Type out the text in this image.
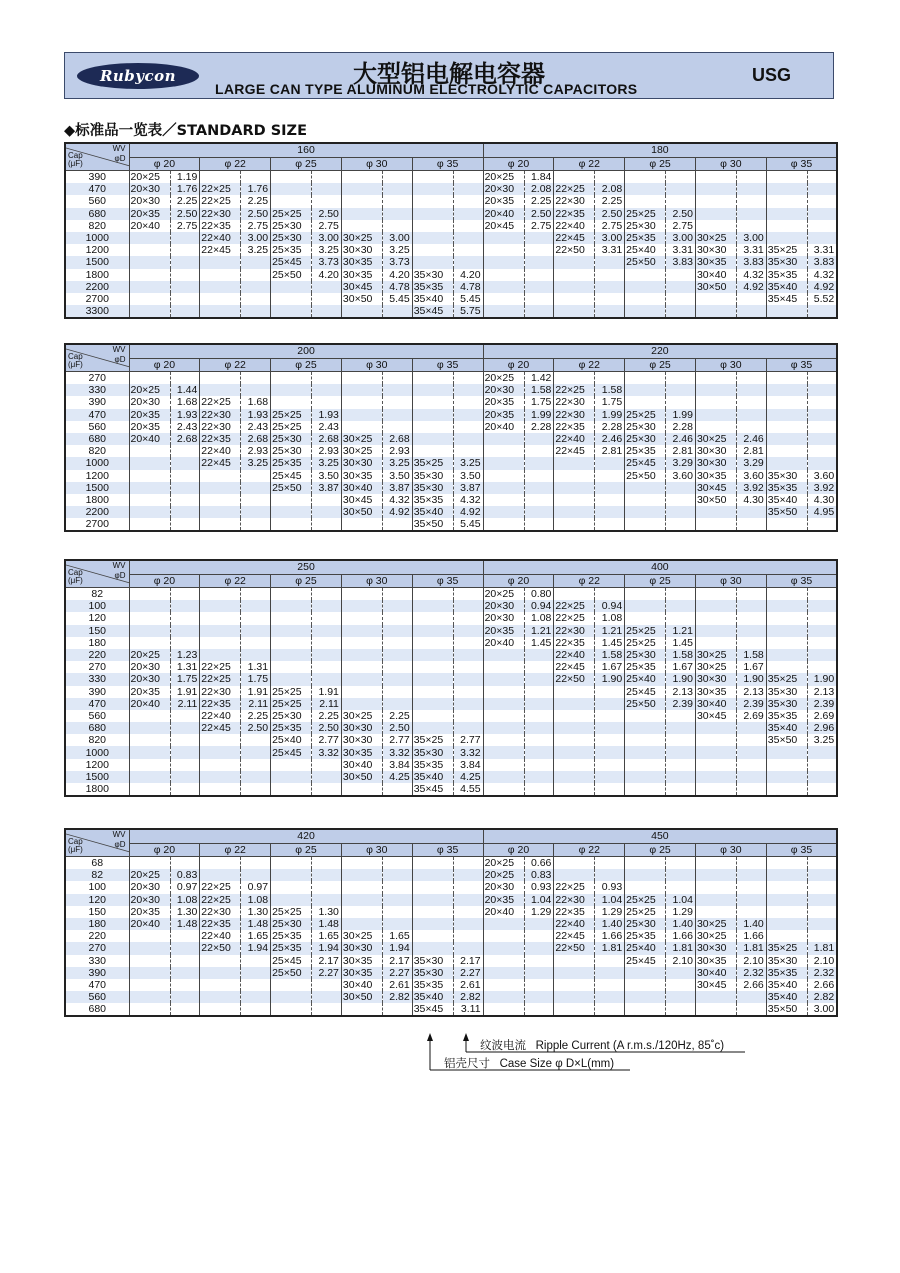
Rubycon	大型铝电解电容器
LARGE CAN TYPE ALUMINUM ELECTROLYTIC CAPACITORS
USG
◆标准品一览表／STANDARD SIZE
WV
φD
Cap
(μF)	160										180									
	φ 20		φ 22		φ 25		φ 30		φ 35		φ 20		φ 22		φ 25		φ 30		φ 35	
390	20×25	1.19									20×25	1.84								
470	20×30	1.76	22×25	1.76							20×30	2.08	22×25	2.08						
560	20×30	2.25	22×25	2.25							20×35	2.25	22×30	2.25						
680	20×35	2.50	22×30	2.50	25×25	2.50					20×40	2.50	22×35	2.50	25×25	2.50				
820	20×40	2.75	22×35	2.75	25×30	2.75					20×45	2.75	22×40	2.75	25×30	2.75				
1000			22×40	3.00	25×30	3.00	30×25	3.00					22×45	3.00	25×35	3.00	30×25	3.00		
1200			22×45	3.25	25×35	3.25	30×30	3.25					22×50	3.31	25×40	3.31	30×30	3.31	35×25	3.31
1500					25×45	3.73	30×35	3.73							25×50	3.83	30×35	3.83	35×30	3.83
1800					25×50	4.20	30×35	4.20	35×30	4.20							30×40	4.32	35×35	4.32
2200							30×45	4.78	35×35	4.78							30×50	4.92	35×40	4.92
2700							30×50	5.45	35×40	5.45									35×45	5.52
3300									35×45	5.75										
WV
φD
Cap
(μF)	200										220									
	φ 20		φ 22		φ 25		φ 30		φ 35		φ 20		φ 22		φ 25		φ 30		φ 35	
270											20×25	1.42								
330	20×25	1.44									20×30	1.58	22×25	1.58						
390	20×30	1.68	22×25	1.68							20×35	1.75	22×30	1.75						
470	20×35	1.93	22×30	1.93	25×25	1.93					20×35	1.99	22×30	1.99	25×25	1.99				
560	20×35	2.43	22×30	2.43	25×25	2.43					20×40	2.28	22×35	2.28	25×30	2.28				
680	20×40	2.68	22×35	2.68	25×30	2.68	30×25	2.68					22×40	2.46	25×30	2.46	30×25	2.46		
820			22×40	2.93	25×30	2.93	30×25	2.93					22×45	2.81	25×35	2.81	30×30	2.81		
1000			22×45	3.25	25×35	3.25	30×30	3.25	35×25	3.25					25×45	3.29	30×30	3.29		
1200					25×45	3.50	30×35	3.50	35×30	3.50					25×50	3.60	30×35	3.60	35×30	3.60
1500					25×50	3.87	30×40	3.87	35×30	3.87							30×45	3.92	35×35	3.92
1800							30×45	4.32	35×35	4.32							30×50	4.30	35×40	4.30
2200							30×50	4.92	35×40	4.92									35×50	4.95
2700									35×50	5.45										
WV
φD
Cap
(μF)	250										400									
	φ 20		φ 22		φ 25		φ 30		φ 35		φ 20		φ 22		φ 25		φ 30		φ 35	
82											20×25	0.80								
100											20×30	0.94	22×25	0.94						
120											20×30	1.08	22×25	1.08						
150											20×35	1.21	22×30	1.21	25×25	1.21				
180											20×40	1.45	22×35	1.45	25×25	1.45				
220	20×25	1.23											22×40	1.58	25×30	1.58	30×25	1.58		
270	20×30	1.31	22×25	1.31									22×45	1.67	25×35	1.67	30×25	1.67		
330	20×30	1.75	22×25	1.75									22×50	1.90	25×40	1.90	30×30	1.90	35×25	1.90
390	20×35	1.91	22×30	1.91	25×25	1.91									25×45	2.13	30×35	2.13	35×30	2.13
470	20×40	2.11	22×35	2.11	25×25	2.11									25×50	2.39	30×40	2.39	35×30	2.39
560			22×40	2.25	25×30	2.25	30×25	2.25									30×45	2.69	35×35	2.69
680			22×45	2.50	25×35	2.50	30×30	2.50											35×40	2.96
820					25×40	2.77	30×30	2.77	35×25	2.77									35×50	3.25
1000					25×45	3.32	30×35	3.32	35×30	3.32										
1200							30×40	3.84	35×35	3.84										
1500							30×50	4.25	35×40	4.25										
1800									35×45	4.55										
WV
φD
Cap
(μF)	420										450									
	φ 20		φ 22		φ 25		φ 30		φ 35		φ 20		φ 22		φ 25		φ 30		φ 35	
68											20×25	0.66								
82	20×25	0.83									20×25	0.83								
100	20×30	0.97	22×25	0.97							20×30	0.93	22×25	0.93						
120	20×30	1.08	22×25	1.08							20×35	1.04	22×30	1.04	25×25	1.04				
150	20×35	1.30	22×30	1.30	25×25	1.30					20×40	1.29	22×35	1.29	25×25	1.29				
180	20×40	1.48	22×35	1.48	25×30	1.48							22×40	1.40	25×30	1.40	30×25	1.40		
220			22×40	1.65	25×35	1.65	30×25	1.65					22×45	1.66	25×35	1.66	30×25	1.66		
270			22×50	1.94	25×35	1.94	30×30	1.94					22×50	1.81	25×40	1.81	30×30	1.81	35×25	1.81
330					25×45	2.17	30×35	2.17	35×30	2.17					25×45	2.10	30×35	2.10	35×30	2.10
390					25×50	2.27	30×35	2.27	35×30	2.27							30×40	2.32	35×35	2.32
470							30×40	2.61	35×35	2.61							30×45	2.66	35×40	2.66
560							30×50	2.82	35×40	2.82									35×40	2.82
680									35×45	3.11									35×50	3.00
纹波电流 Ripple Current (A r.m.s./120Hz, 85˚c)
铝壳尺寸 Case Size φ D×L(mm)
